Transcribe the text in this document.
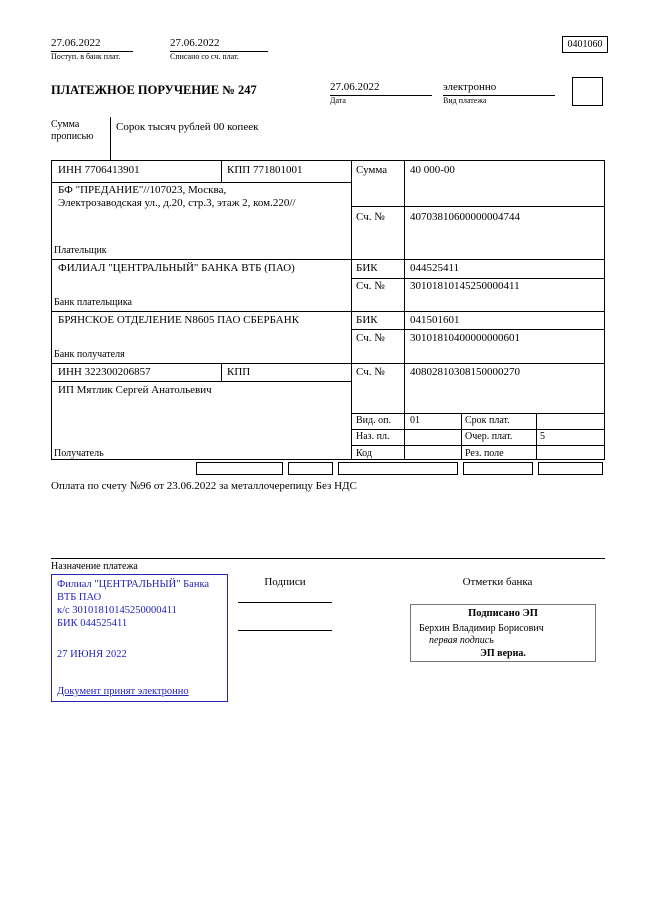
27.06.2022
Поступ. в банк плат.
27.06.2022
Списано со сч. плат.
0401060
ПЛАТЕЖНОЕ ПОРУЧЕНИЕ № 247	27.06.2022
Дата
электронно
Вид платежа
Сумма прописью
Сорок тысяч рублей 00 копеек
ИНН 7706413901	КПП 771801001	Сумма 40 000-00
БФ "ПРЕДАНИЕ"//107023, Москва, Электрозаводская ул., д.20, стр.3, этаж 2, ком.220//
Сч. № 40703810600000004744
Плательщик
ФИЛИАЛ "ЦЕНТРАЛЬНЫЙ" БАНКА ВТБ (ПАО)	БИК	044525411
Сч. № 30101810145250000411
Банк плательщика
БРЯНСКОЕ ОТДЕЛЕНИЕ N8605 ПАО СБЕРБАНК	БИК	041501601
Сч. № 30101810400000000601
Банк получателя
ИНН 322300206857	КПП	Сч. № 40802810308150000270
ИП Мятлик Сергей Анатольевич
Получатель
Вид. оп. 01	Срок плат.
Наз. пл.	Очер. плат.	5
Код	Рез. поле
Оплата по счету №96 от 23.06.2022 за металлочерепицу Без НДС
Назначение платежа
Филиал "ЦЕНТРАЛЬНЫЙ" Банка ВТБ ПАО
к/с 30101810145250000411
БИК 044525411
27 ИЮНЯ 2022
Документ принят электронно
Подписи	Отметки банка
Подписано ЭП
Берхин Владимир Борисович
первая подпись
ЭП верна.
